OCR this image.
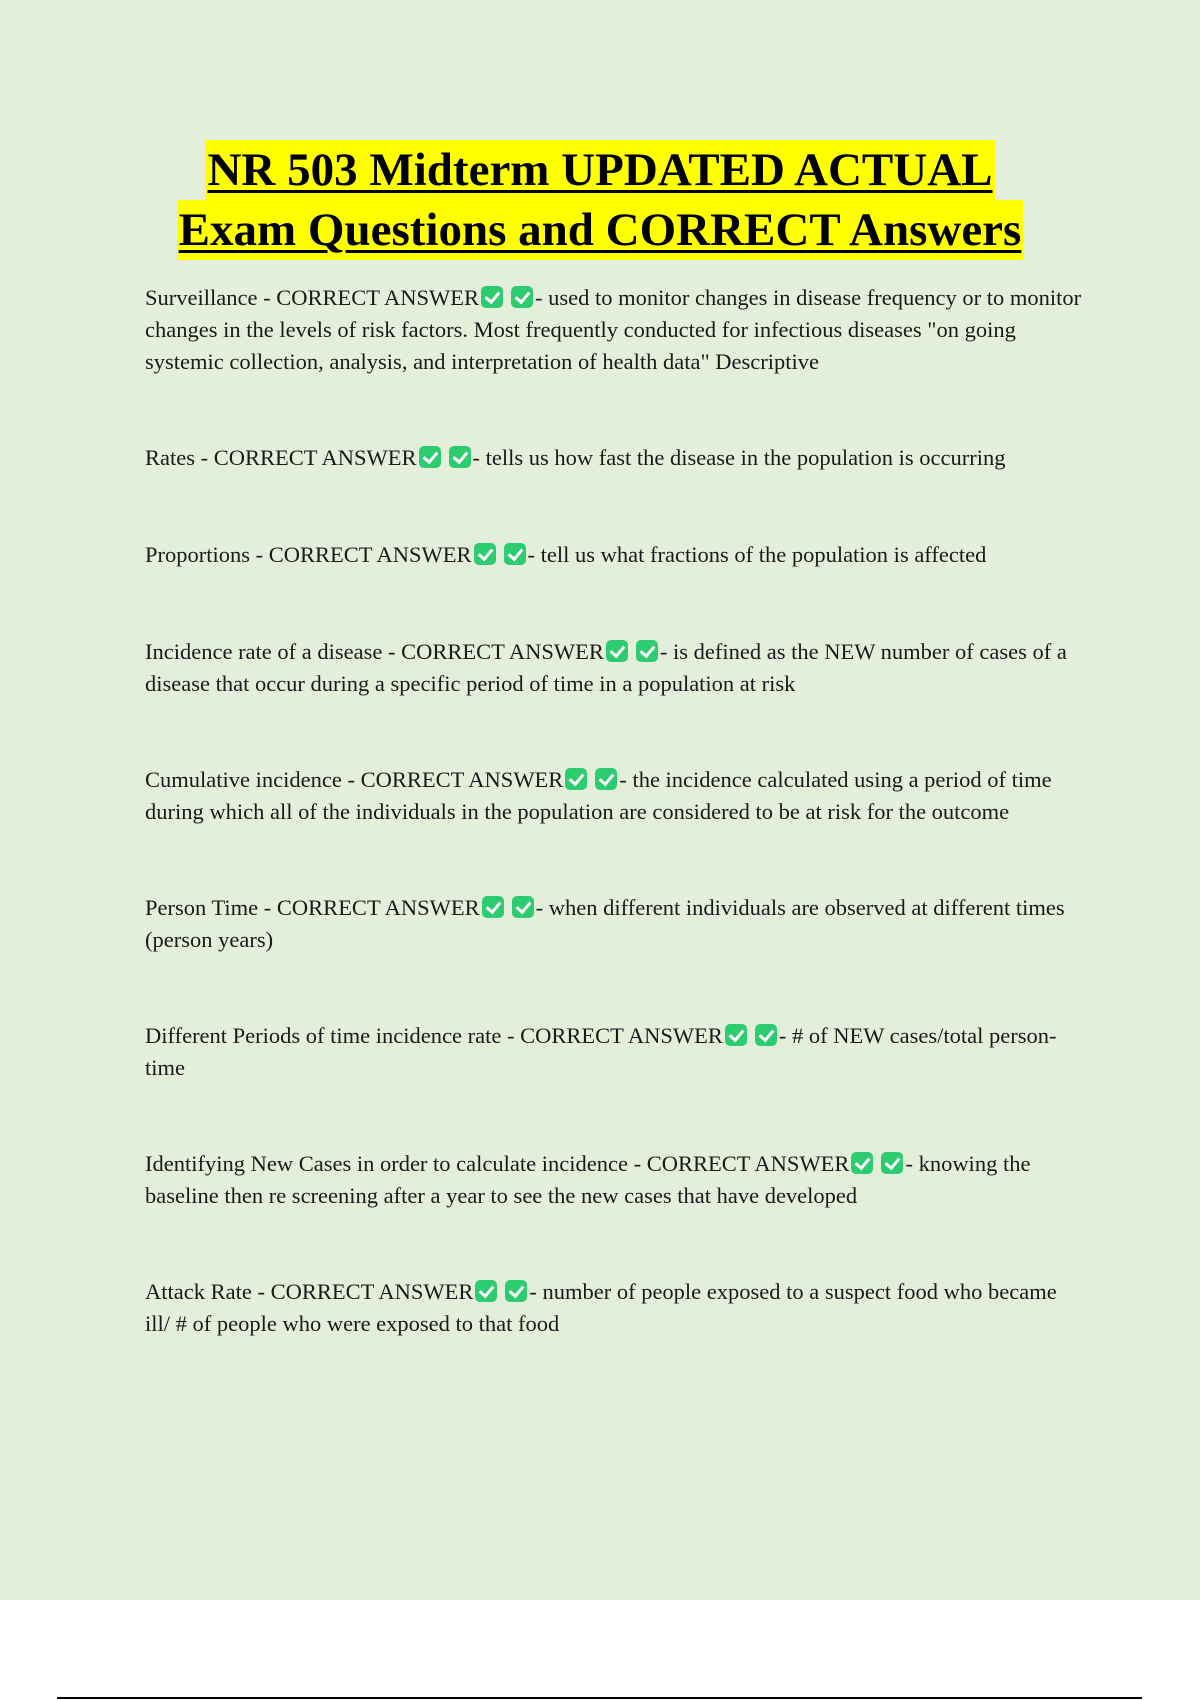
NR 503 Midterm UPDATED ACTUAL
Exam Questions and CORRECT Answers

Surveillance - CORRECT ANSWER - used to monitor changes in disease frequency or to monitor changes in the levels of risk factors. Most frequently conducted for infectious diseases "on going systemic collection, analysis, and interpretation of health data" Descriptive

Rates - CORRECT ANSWER - tells us how fast the disease in the population is occurring

Proportions - CORRECT ANSWER - tell us what fractions of the population is affected

Incidence rate of a disease - CORRECT ANSWER - is defined as the NEW number of cases of a disease that occur during a specific period of time in a population at risk

Cumulative incidence - CORRECT ANSWER - the incidence calculated using a period of time during which all of the individuals in the population are considered to be at risk for the outcome

Person Time - CORRECT ANSWER - when different individuals are observed at different times (person years)

Different Periods of time incidence rate - CORRECT ANSWER - # of NEW cases/total person-time

Identifying New Cases in order to calculate incidence - CORRECT ANSWER - knowing the baseline then re screening after a year to see the new cases that have developed

Attack Rate - CORRECT ANSWER - number of people exposed to a suspect food who became ill/ # of people who were exposed to that food
